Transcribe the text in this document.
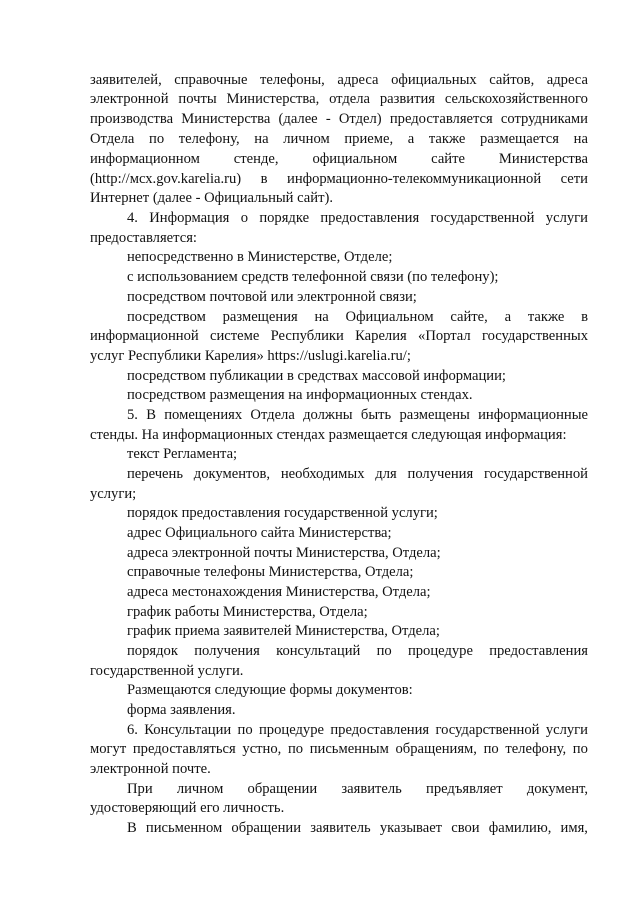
заявителей, справочные телефоны, адреса официальных сайтов, адреса
электронной почты Министерства, отдела развития сельскохозяйственного
производства Министерства (далее - Отдел) предоставляется сотрудниками
Отдела по телефону, на личном приеме, а также размещается на
информационном стенде, официальном сайте Министерства
(http://мсх.gov.karelia.ru) в информационно-телекоммуникационной сети
Интернет (далее - Официальный сайт).
4. Информация о порядке предоставления государственной услуги
предоставляется:
непосредственно в Министерстве, Отделе;
с использованием средств телефонной связи (по телефону);
посредством почтовой или электронной связи;
посредством размещения на Официальном сайте, а также в
информационной системе Республики Карелия «Портал государственных
услуг Республики Карелия» https://uslugi.karelia.ru/;
посредством публикации в средствах массовой информации;
посредством размещения на информационных стендах.
5. В помещениях Отдела должны быть размещены информационные
стенды. На информационных стендах размещается следующая информация:
текст Регламента;
перечень документов, необходимых для получения государственной
услуги;
порядок предоставления государственной услуги;
адрес Официального сайта Министерства;
адреса электронной почты Министерства, Отдела;
справочные телефоны Министерства, Отдела;
адреса местонахождения Министерства, Отдела;
график работы Министерства, Отдела;
график приема заявителей Министерства, Отдела;
порядок получения консультаций по процедуре предоставления
государственной услуги.
Размещаются следующие формы документов:
форма заявления.
6. Консультации по процедуре предоставления государственной услуги
могут предоставляться устно, по письменным обращениям, по телефону, по
электронной почте.
При личном обращении заявитель предъявляет документ,
удостоверяющий его личность.
В письменном обращении заявитель указывает свои фамилию, имя,
